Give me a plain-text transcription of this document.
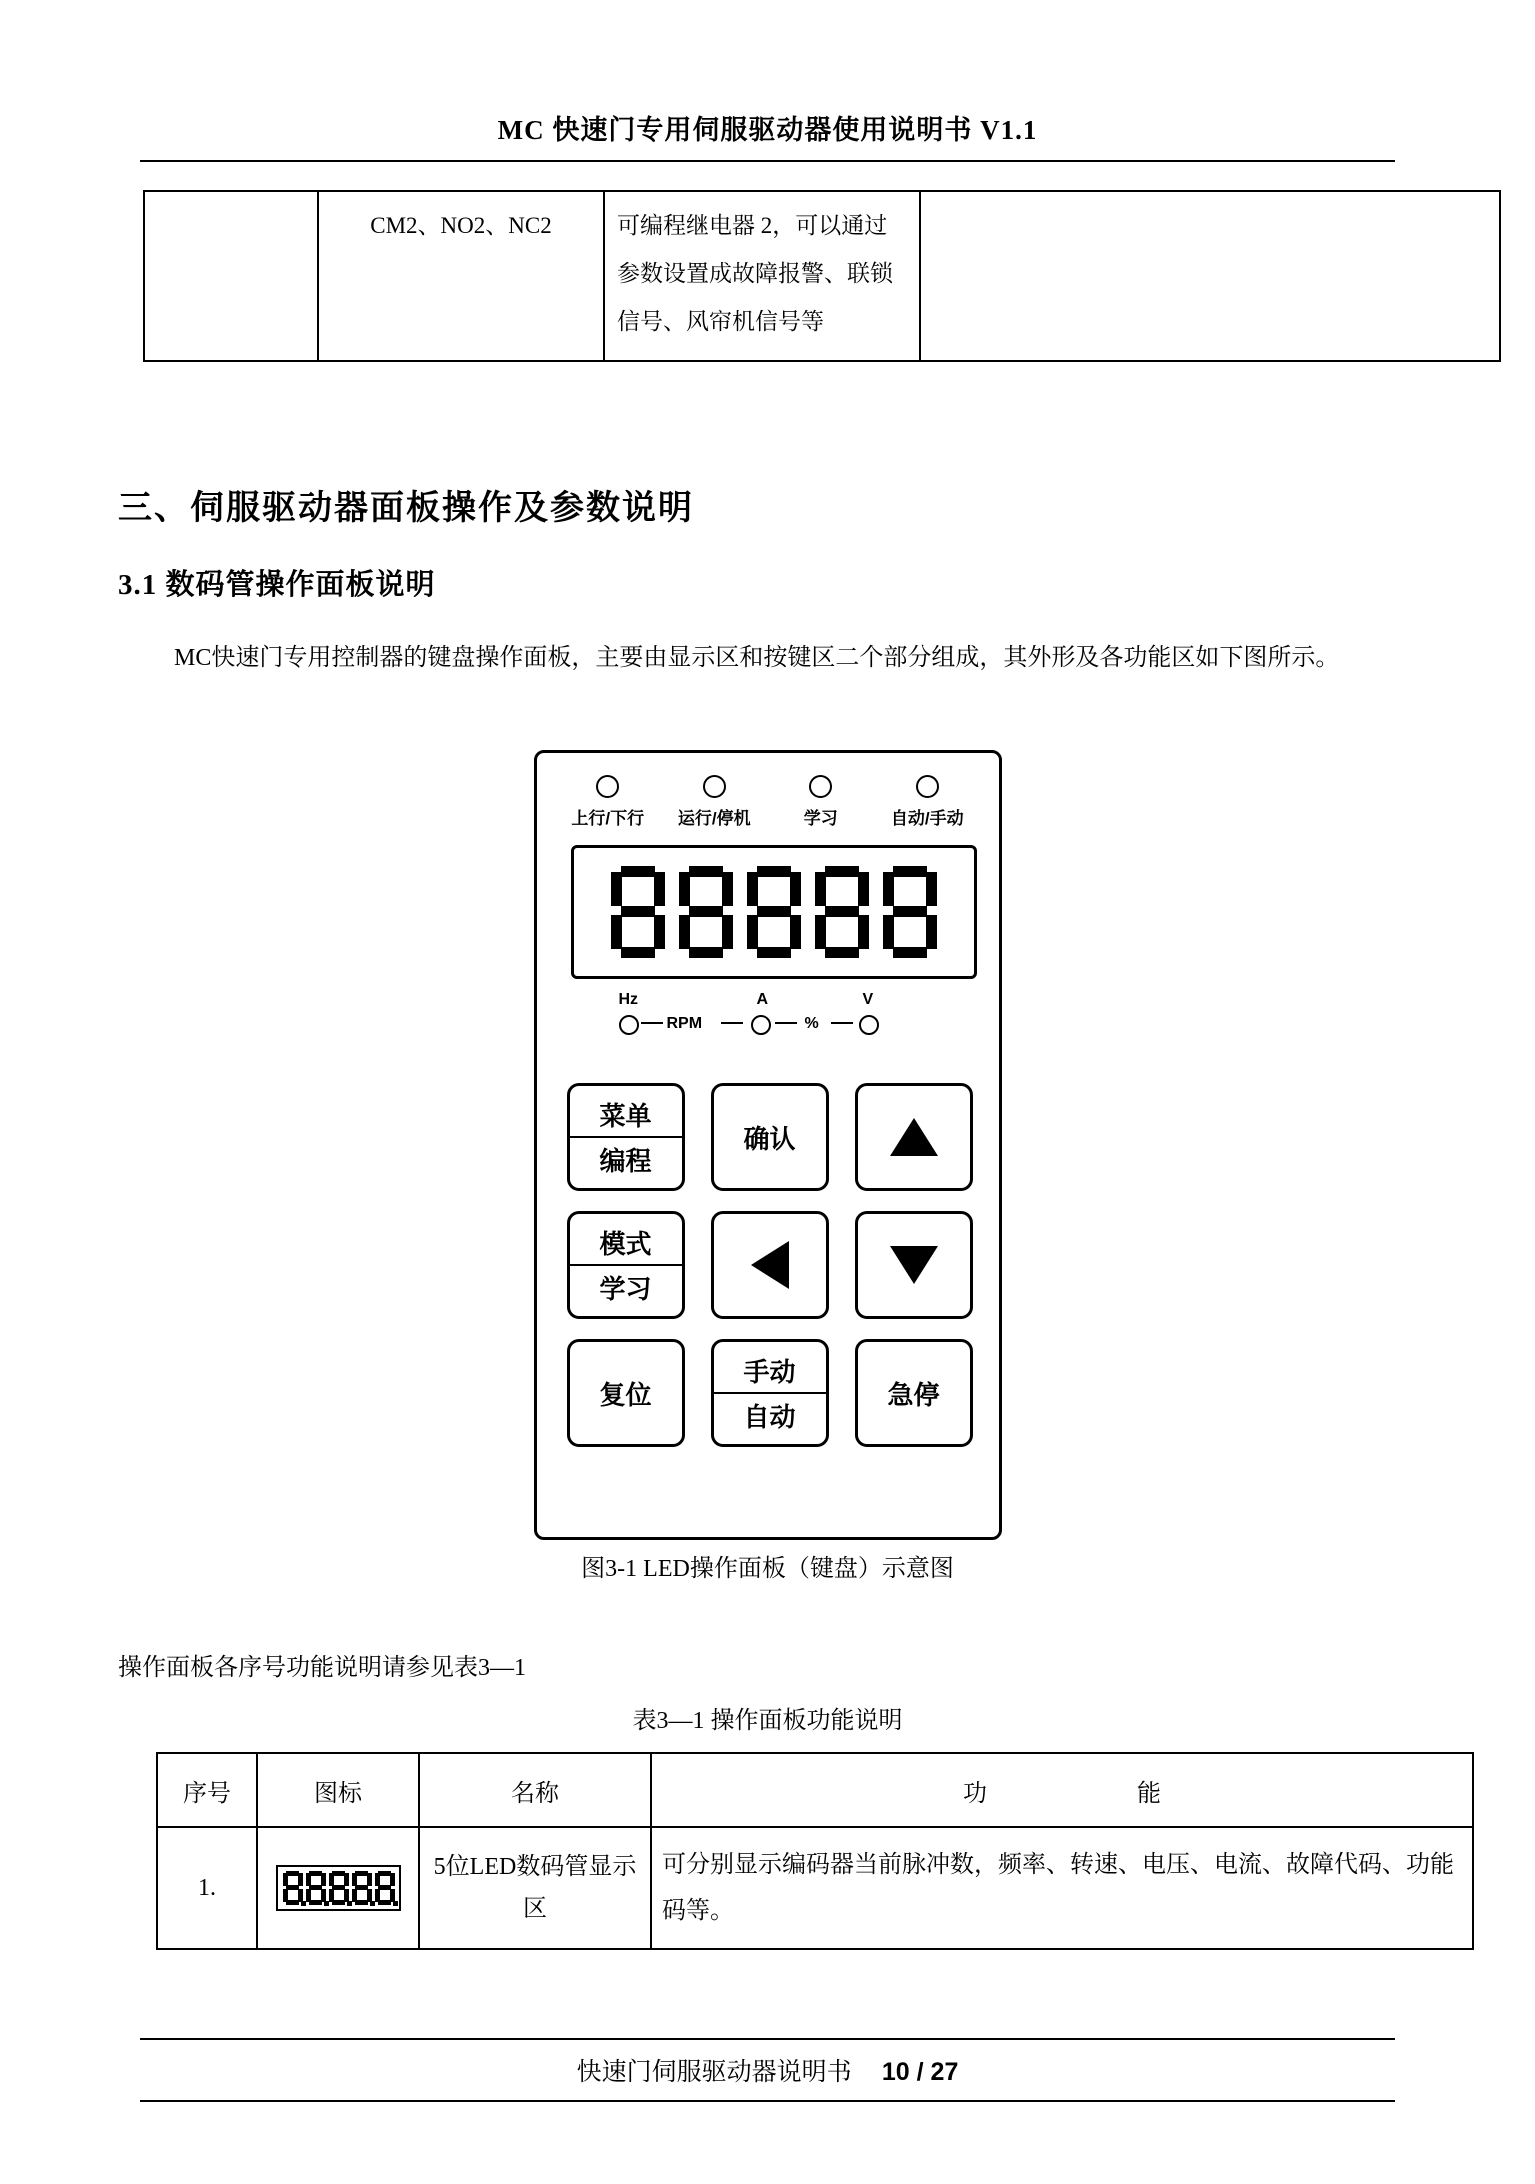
MC 快速门专用伺服驱动器使用说明书 V1.1
	CM2、NO2、NC2	可编程继电器 2，可以通过参数设置成故障报警、联锁信号、风帘机信号等	
三、伺服驱动器面板操作及参数说明
3.1 数码管操作面板说明
MC快速门专用控制器的键盘操作面板，主要由显示区和按键区二个部分组成，其外形及各功能区如下图所示。
上行/下行	运行/停机	学习	自动/手动
Hz
RPM
A
%
V
菜单
编程
确认
模式
学习
复位
手动
自动
急停
图3-1 LED操作面板（键盘）示意图
操作面板各序号功能说明请参见表3—1
表3—1 操作面板功能说明
序号	图标	名称	功 能

1.		5位LED数码管显示区	可分别显示编码器当前脉冲数，频率、转速、电压、电流、故障代码、功能码等。
快速门伺服驱动器说明书 10 / 27
